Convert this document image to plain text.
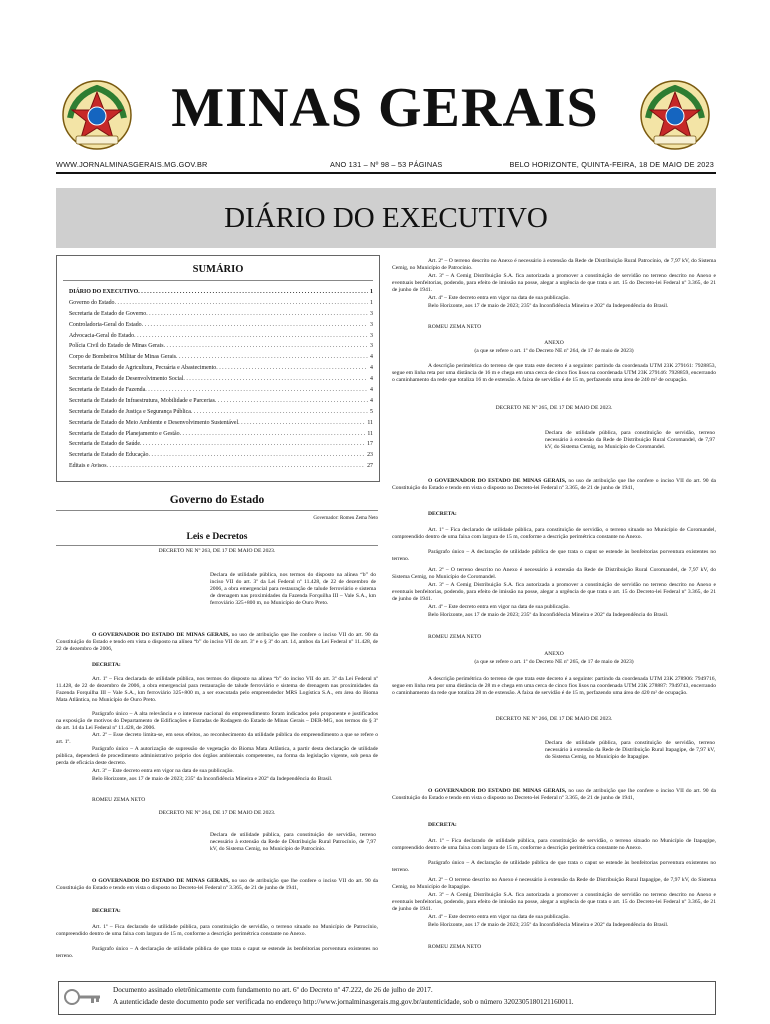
MINAS GERAIS
WWW.JORNALMINASGERAIS.MG.GOV.BR	ANO 131 – Nº 98 – 53 PÁGINAS	BELO HORIZONTE, QUINTA-FEIRA, 18 DE MAIO DE 2023
DIÁRIO DO EXECUTIVO
SUMÁRIO
DIÁRIO DO EXECUTIVO .....	1
Governo do Estado .....	1
Secretaria de Estado de Governo .....	3
Controladoria-Geral do Estado .....	3
Advocacia-Geral do Estado .....	3
Polícia Civil do Estado de Minas Gerais .....	3
Corpo de Bombeiros Militar de Minas Gerais .....	4
Secretaria de Estado de Agricultura, Pecuária e Abastecimento .....	4
Secretaria de Estado de Desenvolvimento Social .....	4
Secretaria de Estado de Fazenda .....	4
Secretaria de Estado de Infraestrutura, Mobilidade e Parcerias .....	4
Secretaria de Estado de Justiça e Segurança Pública .....	5
Secretaria de Estado de Meio Ambiente e Desenvolvimento Sustentável .....	11
Secretaria de Estado de Planejamento e Gestão .....	11
Secretaria de Estado de Saúde .....	17
Secretaria de Estado de Educação .....	23
Editais e Avisos .....	27
Governo do Estado
Governador: Romeu Zema Neto
Leis e Decretos
DECRETO NE Nº 263, DE 17 DE MAIO DE 2023.
Declara de utilidade pública, nos termos do disposto na alínea “b” do inciso VII do art. 3º da Lei Federal nº 11.428, de 22 de dezembro de 2006, a obra emergencial para restauração de talude ferroviário e sistema de drenagem nas proximidades da Fazenda Forquilha III – Vale S.A., km ferroviário 325+800 m, no Município de Ouro Preto.
O GOVERNADOR DO ESTADO DE MINAS GERAIS, no uso de atribuição que lhe confere o inciso VII do art. 90 da Constituição do Estado e tendo em vista o disposto na alínea “b” do inciso VII do art. 3º e o § 3º do art. 14, ambos da Lei Federal nº 11.428, de 22 de dezembro de 2006,
DECRETA:
Art. 1º – Fica declarada de utilidade pública, nos termos do disposto na alínea “b” do inciso VII do art. 3º da Lei Federal nº 11.428, de 22 de dezembro de 2006, a obra emergencial para restauração de talude ferroviário e sistema de drenagem nas proximidades da Fazenda Forquilha III – Vale S.A., km ferroviário 325+800 m, a ser executada pelo empreendedor MRS Logística S.A., em área do Bioma Mata Atlântica, no Município de Ouro Preto.
Parágrafo único – A alta relevância e o interesse nacional do empreendimento foram indicados pelo proponente e justificados na exposição de motivos do Departamento de Edificações e Estradas de Rodagem do Estado de Minas Gerais – DER-MG, nos termos do § 3º do art. 14 da Lei Federal nº 11.428, de 2006.
Art. 2º – Esse decreto limita-se, em seus efeitos, ao reconhecimento da utilidade pública do empreendimento a que se refere o art. 1º.
Parágrafo único – A autorização de supressão de vegetação do Bioma Mata Atlântica, a partir desta declaração de utilidade pública, dependerá de procedimento administrativo próprio dos órgãos ambientais competentes, na forma da legislação vigente, sob pena de perda de eficácia deste decreto.
Art. 3º – Este decreto entra em vigor na data de sua publicação.
Belo Horizonte, aos 17 de maio de 2023; 235º da Inconfidência Mineira e 202º da Independência do Brasil.
ROMEU ZEMA NETO
DECRETO NE Nº 264, DE 17 DE MAIO DE 2023.
Declara de utilidade pública, para constituição de servidão, terreno necessário à extensão da Rede de Distribuição Rural Patrocínio, de 7,97 kV, do Sistema Cemig, no Município de Patrocínio.
O GOVERNADOR DO ESTADO DE MINAS GERAIS, no uso de atribuição que lhe confere o inciso VII do art. 90 da Constituição do Estado e tendo em vista o disposto no Decreto-lei Federal nº 3.365, de 21 de junho de 1941,
DECRETA:
Art. 1º – Fica declarado de utilidade pública, para constituição de servidão, o terreno situado no Município de Patrocínio, compreendido dentro de uma faixa com largura de 15 m, conforme a descrição perimétrica constante no Anexo.
Parágrafo único – A declaração de utilidade pública de que trata o caput se estende às benfeitorias porventura existentes no terreno.
Art. 2º – O terreno descrito no Anexo é necessário à extensão da Rede de Distribuição Rural Patrocínio, de 7,97 kV, do Sistema Cemig, no Município de Patrocínio.
Art. 3º – A Cemig Distribuição S.A. fica autorizada a promover a constituição de servidão no terreno descrito no Anexo e eventuais benfeitorias, podendo, para efeito de imissão na posse, alegar a urgência de que trata o art. 15 do Decreto-lei Federal nº 3.365, de 21 de junho de 1941.
Art. 4º – Este decreto entra em vigor na data de sua publicação.
Belo Horizonte, aos 17 de maio de 2023; 235º da Inconfidência Mineira e 202º da Independência do Brasil.
ROMEU ZEMA NETO
ANEXO
(a que se refere o art. 1º do Decreto NE nº 264, de 17 de maio de 2023)
A descrição perimétrica do terreno de que trata este decreto é a seguinte: partindo da coordenada UTM 23K 279161: 7928853, segue em linha reta por uma distância de 16 m e chega em uma cerca de cinco fios lisos na coordenada UTM 23K 279146: 7928859, encerrando o caminhamento da rede que totaliza 16 m de extensão. A faixa de servidão é de 15 m, perfazendo uma área de 240 m² de ocupação.
DECRETO NE Nº 265, DE 17 DE MAIO DE 2023.
Declara de utilidade pública, para constituição de servidão, terreno necessário à extensão da Rede de Distribuição Rural Coromandel, de 7,97 kV, do Sistema Cemig, no Município de Coromandel.
O GOVERNADOR DO ESTADO DE MINAS GERAIS, no uso de atribuição que lhe confere o inciso VII do art. 90 da Constituição do Estado e tendo em vista o disposto no Decreto-lei Federal nº 3.365, de 21 de junho de 1941,
DECRETA:
Art. 1º – Fica declarado de utilidade pública, para constituição de servidão, o terreno situado no Município de Coromandel, compreendido dentro de uma faixa com largura de 15 m, conforme a descrição perimétrica constante no Anexo.
Parágrafo único – A declaração de utilidade pública de que trata o caput se estende às benfeitorias porventura existentes no terreno.
Art. 2º – O terreno descrito no Anexo é necessário à extensão da Rede de Distribuição Rural Coromandel, de 7,97 kV, do Sistema Cemig, no Município de Coromandel.
Art. 3º – A Cemig Distribuição S.A. fica autorizada a promover a constituição de servidão no terreno descrito no Anexo e eventuais benfeitorias, podendo, para efeito de imissão na posse, alegar a urgência de que trata o art. 15 do Decreto-lei Federal nº 3.365, de 21 de junho de 1941.
Art. 4º – Este decreto entra em vigor na data de sua publicação.
Belo Horizonte, aos 17 de maio de 2023; 235º da Inconfidência Mineira e 202º da Independência do Brasil.
ROMEU ZEMA NETO
ANEXO
(a que se refere o art. 1º do Decreto NE nº 265, de 17 de maio de 2023)
A descrição perimétrica do terreno de que trata este decreto é a seguinte: partindo da coordenada UTM 23K 278906: 7949716, segue em linha reta por uma distância de 28 m e chega em uma cerca de cinco fios lisos na coordenada UTM 23K 278887: 7949743, encerrando o caminhamento da rede que totaliza 28 m de extensão. A faixa de servidão é de 15 m, perfazendo uma área de 420 m² de ocupação.
DECRETO NE Nº 266, DE 17 DE MAIO DE 2023.
Declara de utilidade pública, para constituição de servidão, terreno necessário à extensão da Rede de Distribuição Rural Itapagipe, de 7,97 kV, do Sistema Cemig, no Município de Itapagipe.
O GOVERNADOR DO ESTADO DE MINAS GERAIS, no uso de atribuição que lhe confere o inciso VII do art. 90 da Constituição do Estado e tendo em vista o disposto no Decreto-lei Federal nº 3.365, de 21 de junho de 1941,
DECRETA:
Art. 1º – Fica declarado de utilidade pública, para constituição de servidão, o terreno situado no Município de Itapagipe, compreendido dentro de uma faixa com largura de 15 m, conforme a descrição perimétrica constante no Anexo.
Parágrafo único – A declaração de utilidade pública de que trata o caput se estende às benfeitorias porventura existentes no terreno.
Art. 2º – O terreno descrito no Anexo é necessário à extensão da Rede de Distribuição Rural Itapagipe, de 7,97 kV, do Sistema Cemig, no Município de Itapagipe.
Art. 3º – A Cemig Distribuição S.A. fica autorizada a promover a constituição de servidão no terreno descrito no Anexo e eventuais benfeitorias, podendo, para efeito de imissão na posse, alegar a urgência de que trata o art. 15 do Decreto-lei Federal nº 3.365, de 21 de junho de 1941.
Art. 4º – Este decreto entra em vigor na data de sua publicação.
Belo Horizonte, aos 17 de maio de 2023; 235º da Inconfidência Mineira e 202º da Independência do Brasil.
ROMEU ZEMA NETO
Documento assinado eletrônicamente com fundamento no art. 6º do Decreto nº 47.222, de 26 de julho de 2017.
A autenticidade deste documento pode ser verificada no endereço http://www.jornalminasgerais.mg.gov.br/autenticidade, sob o número 3202305180121160011.
